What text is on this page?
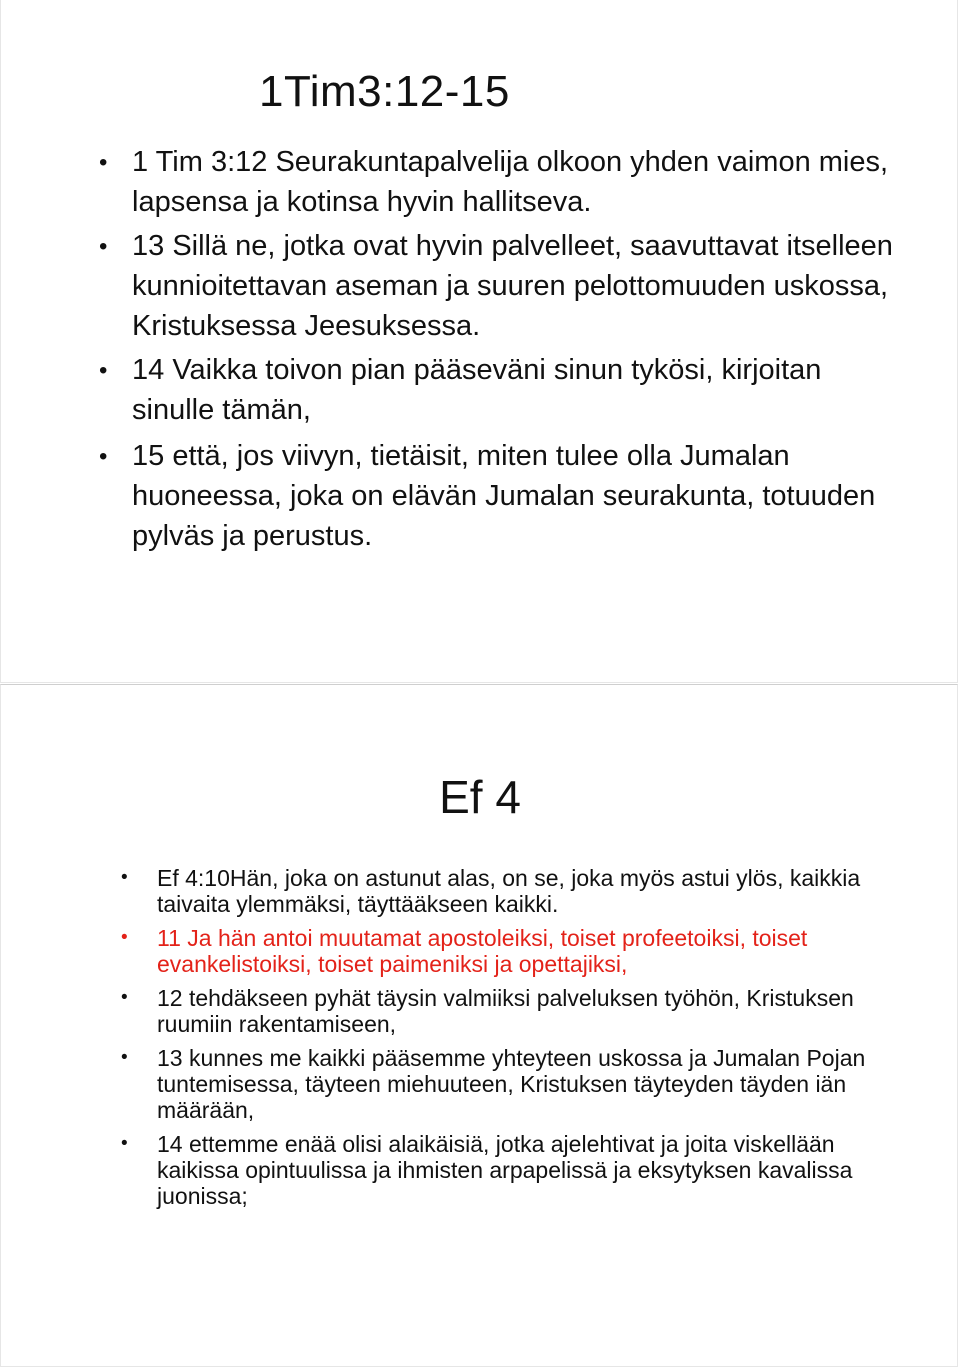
1Tim3:12-15
• 1 Tim 3:12 Seurakuntapalvelija olkoon yhden vaimon mies, lapsensa ja kotinsa hyvin hallitseva.
• 13 Sillä ne, jotka ovat hyvin palvelleet, saavuttavat itselleen kunnioitettavan aseman ja suuren pelottomuuden uskossa, Kristuksessa Jeesuksessa.
• 14 Vaikka toivon pian pääseväni sinun tykösi, kirjoitan sinulle tämän,
• 15 että, jos viivyn, tietäisit, miten tulee olla Jumalan huoneessa, joka on elävän Jumalan seurakunta, totuuden pylväs ja perustus.
Ef 4
• Ef 4:10Hän, joka on astunut alas, on se, joka myös astui ylös, kaikkia taivaita ylemmäksi, täyttääkseen kaikki.
• 11 Ja hän antoi muutamat apostoleiksi, toiset profeetoiksi, toiset evankelistoiksi, toiset paimeniksi ja opettajiksi,
• 12 tehdäkseen pyhät täysin valmiiksi palveluksen työhön, Kristuksen ruumiin rakentamiseen,
• 13 kunnes me kaikki pääsemme yhteyteen uskossa ja Jumalan Pojan tuntemisessa, täyteen miehuuteen, Kristuksen täyteyden täyden iän määrään,
• 14 ettemme enää olisi alaikäisiä, jotka ajelehtivat ja joita viskellään kaikissa opintuulissa ja ihmisten arpapelissä ja eksytyksen kavalissa juonissa;
